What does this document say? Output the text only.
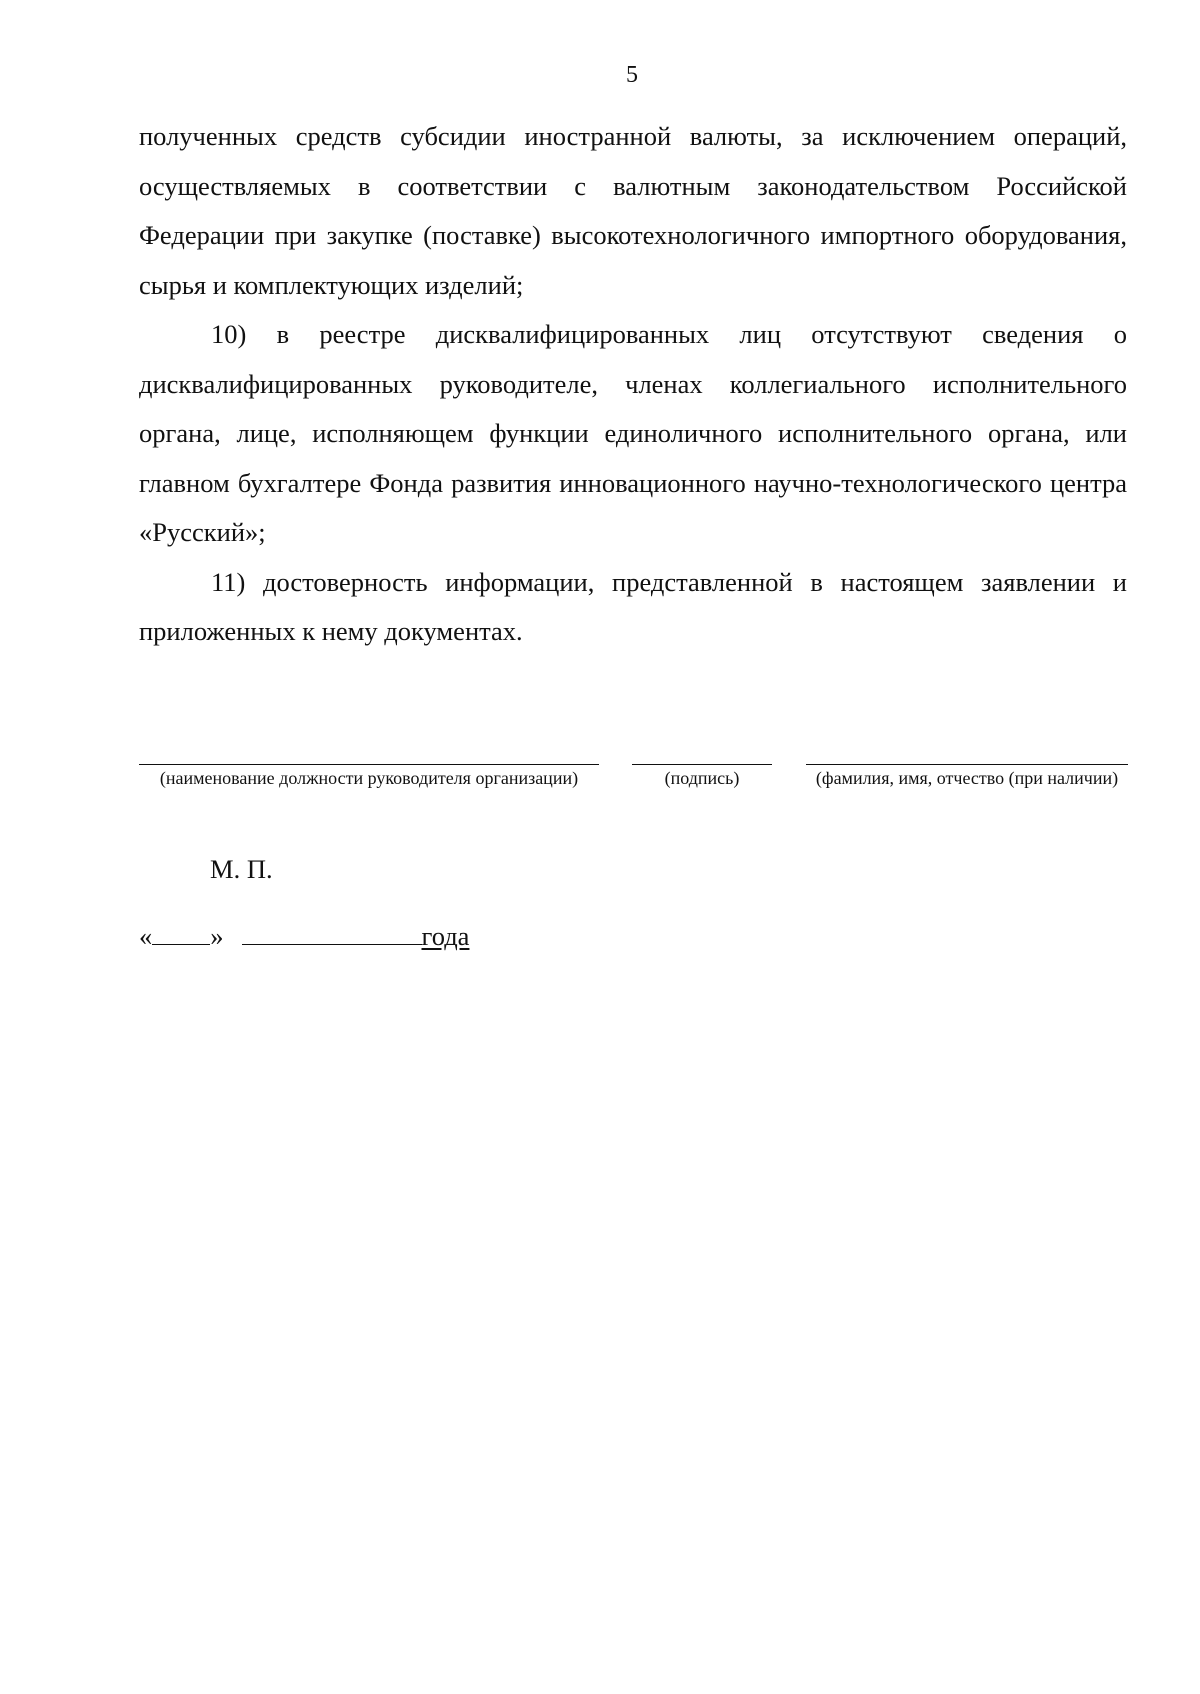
5

полученных средств субсидии иностранной валюты, за исключением операций, осуществляемых в соответствии с валютным законодательством Российской Федерации при закупке (поставке) высокотехнологичного импортного оборудования, сырья и комплектующих изделий;

10) в реестре дисквалифицированных лиц отсутствуют сведения о дисквалифицированных руководителе, членах коллегиального исполнительного органа, лице, исполняющем функции единоличного исполнительного органа, или главном бухгалтере Фонда развития инновационного научно-технологического центра «Русский»;

11) достоверность информации, представленной в настоящем заявлении и приложенных к нему документах.

(наименование должности руководителя организации)	(подпись)	(фамилия, имя, отчество (при наличии)
М. П.
« »	года
